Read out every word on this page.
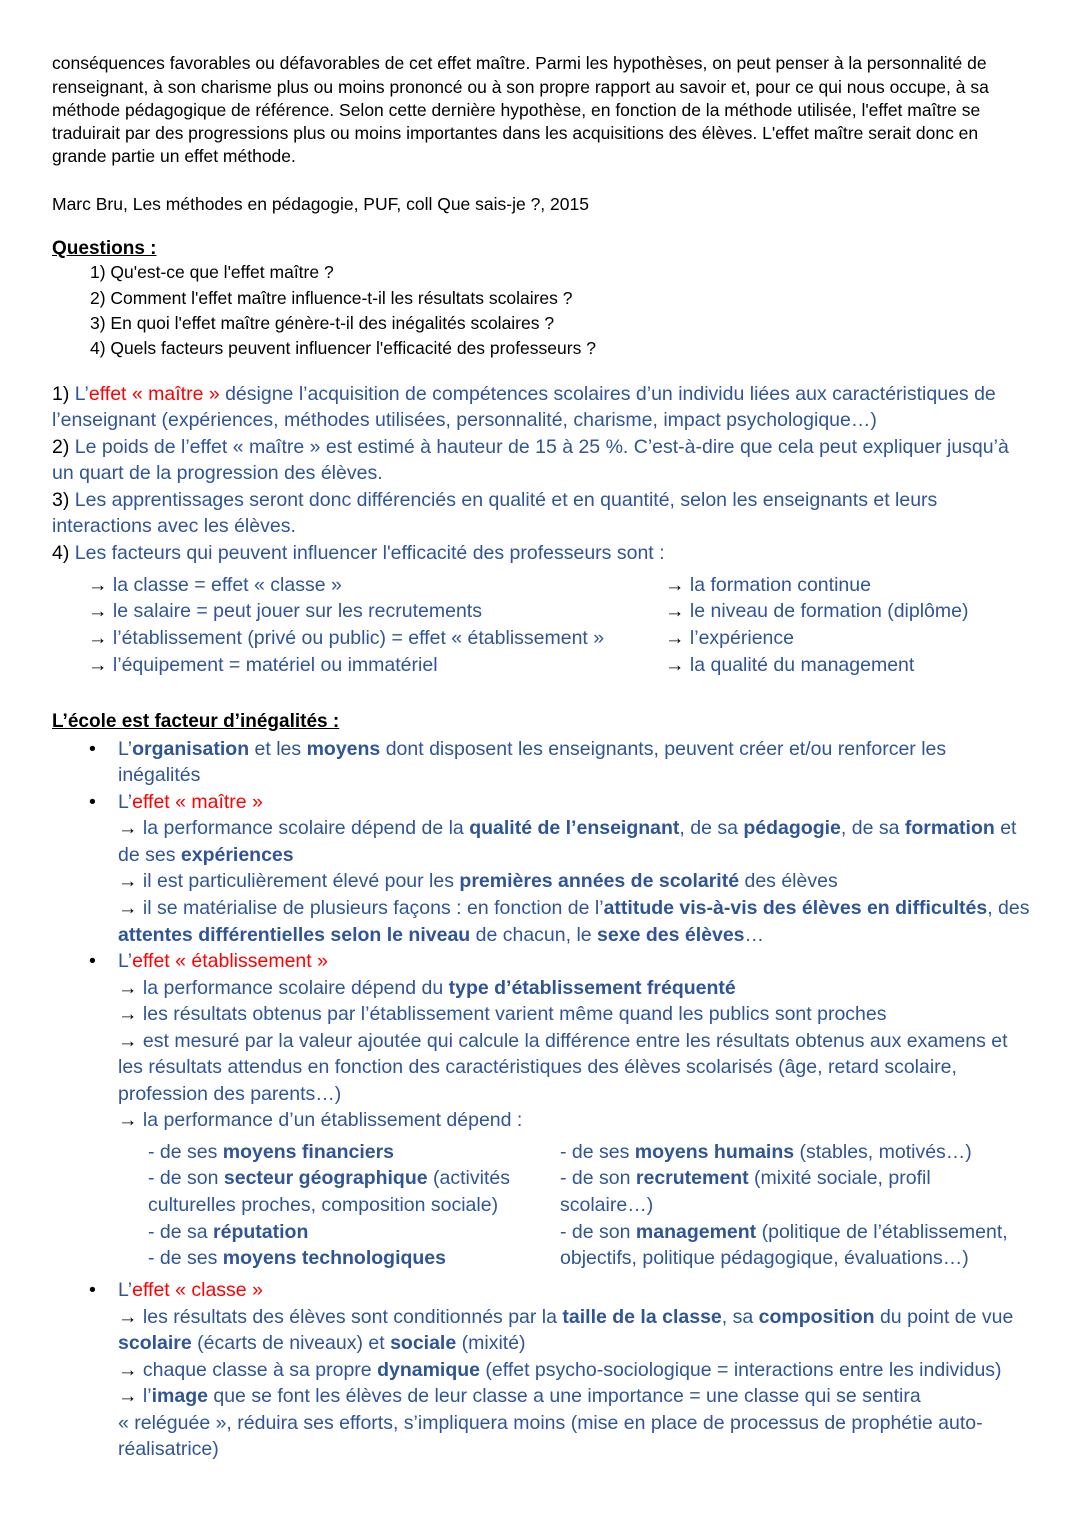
conséquences favorables ou défavorables de cet effet maître. Parmi les hypothèses, on peut penser à la personnalité de
renseignant, à son charisme plus ou moins prononcé ou à son propre rapport au savoir et, pour ce qui nous occupe, à sa
méthode pédagogique de référence. Selon cette dernière hypothèse, en fonction de la méthode utilisée, l'effet maître se
traduirait par des progressions plus ou moins importantes dans les acquisitions des élèves. L'effet maître serait donc en
grande partie un effet méthode.
Marc Bru, Les méthodes en pédagogie, PUF, coll Que sais-je ?, 2015
Questions :
1) Qu'est-ce que l'effet maître ?
2) Comment l'effet maître influence-t-il les résultats scolaires ?
3) En quoi l'effet maître génère-t-il des inégalités scolaires ?
4) Quels facteurs peuvent influencer l'efficacité des professeurs ?
1) L’effet « maître » désigne l’acquisition de compétences scolaires d’un individu liées aux caractéristiques de
l’enseignant (expériences, méthodes utilisées, personnalité, charisme, impact psychologique…)
2) Le poids de l’effet « maître » est estimé à hauteur de 15 à 25 %. C’est-à-dire que cela peut expliquer jusqu’à
un quart de la progression des élèves.
3) Les apprentissages seront donc différenciés en qualité et en quantité, selon les enseignants et leurs
interactions avec les élèves.
4) Les facteurs qui peuvent influencer l'efficacité des professeurs sont :
→ la classe = effet « classe »
→ le salaire = peut jouer sur les recrutements
→ l’établissement (privé ou public) = effet « établissement »
→ l’équipement = matériel ou immatériel
→ la formation continue
→ le niveau de formation (diplôme)
→ l’expérience
→ la qualité du management
L’école est facteur d’inégalités :
• L’organisation et les moyens dont disposent les enseignants, peuvent créer et/ou renforcer les
inégalités
• L’effet « maître »
→ la performance scolaire dépend de la qualité de l’enseignant, de sa pédagogie, de sa formation et
de ses expériences
→ il est particulièrement élevé pour les premières années de scolarité des élèves
→ il se matérialise de plusieurs façons : en fonction de l’attitude vis-à-vis des élèves en difficultés, des
attentes différentielles selon le niveau de chacun, le sexe des élèves…
• L’effet « établissement »
→ la performance scolaire dépend du type d’établissement fréquenté
→ les résultats obtenus par l’établissement varient même quand les publics sont proches
→ est mesuré par la valeur ajoutée qui calcule la différence entre les résultats obtenus aux examens et
les résultats attendus en fonction des caractéristiques des élèves scolarisés (âge, retard scolaire,
profession des parents…)
→ la performance d’un établissement dépend :
- de ses moyens financiers
- de son secteur géographique (activités
culturelles proches, composition sociale)
- de sa réputation
- de ses moyens technologiques
- de ses moyens humains (stables, motivés…)
- de son recrutement (mixité sociale, profil
scolaire…)
- de son management (politique de l’établissement,
objectifs, politique pédagogique, évaluations…)
• L’effet « classe »
→ les résultats des élèves sont conditionnés par la taille de la classe, sa composition du point de vue
scolaire (écarts de niveaux) et sociale (mixité)
→ chaque classe à sa propre dynamique (effet psycho-sociologique = interactions entre les individus)
→ l’image que se font les élèves de leur classe a une importance = une classe qui se sentira
« reléguée », réduira ses efforts, s’impliquera moins (mise en place de processus de prophétie auto-
réalisatrice)
